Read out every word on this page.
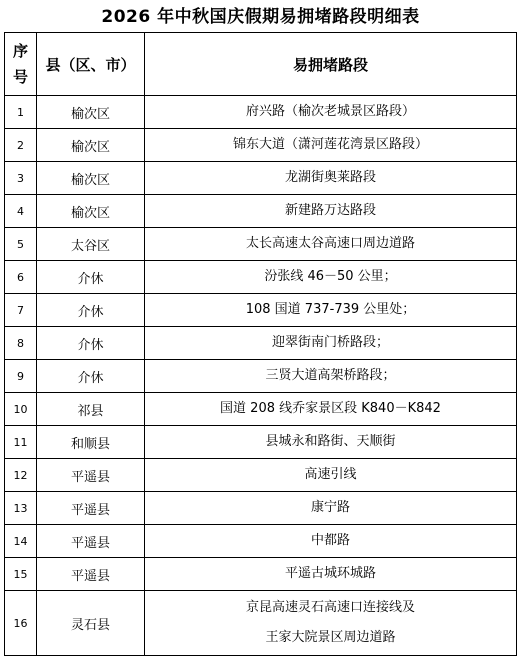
2026 年中秋国庆假期易拥堵路段明细表
序
号	县（区、市）	易拥堵路段
1	榆次区	府兴路（榆次老城景区路段）
2	榆次区	锦东大道（潇河莲花湾景区路段）
3	榆次区	龙湖街奥莱路段
4	榆次区	新建路万达路段
5	太谷区	太长高速太谷高速口周边道路
6	介休	汾张线 46－50 公里；
7	介休	108 国道 737-739 公里处；
8	介休	迎翠街南门桥路段；
9	介休	三贤大道高架桥路段；
10	祁县	国道 208 线乔家景区段 K840－K842
11	和顺县	县城永和路街、天顺街
12	平遥县	高速引线
13	平遥县	康宁路
14	平遥县	中都路
15	平遥县	平遥古城环城路
16	灵石县	京昆高速灵石高速口连接线及
王家大院景区周边道路
